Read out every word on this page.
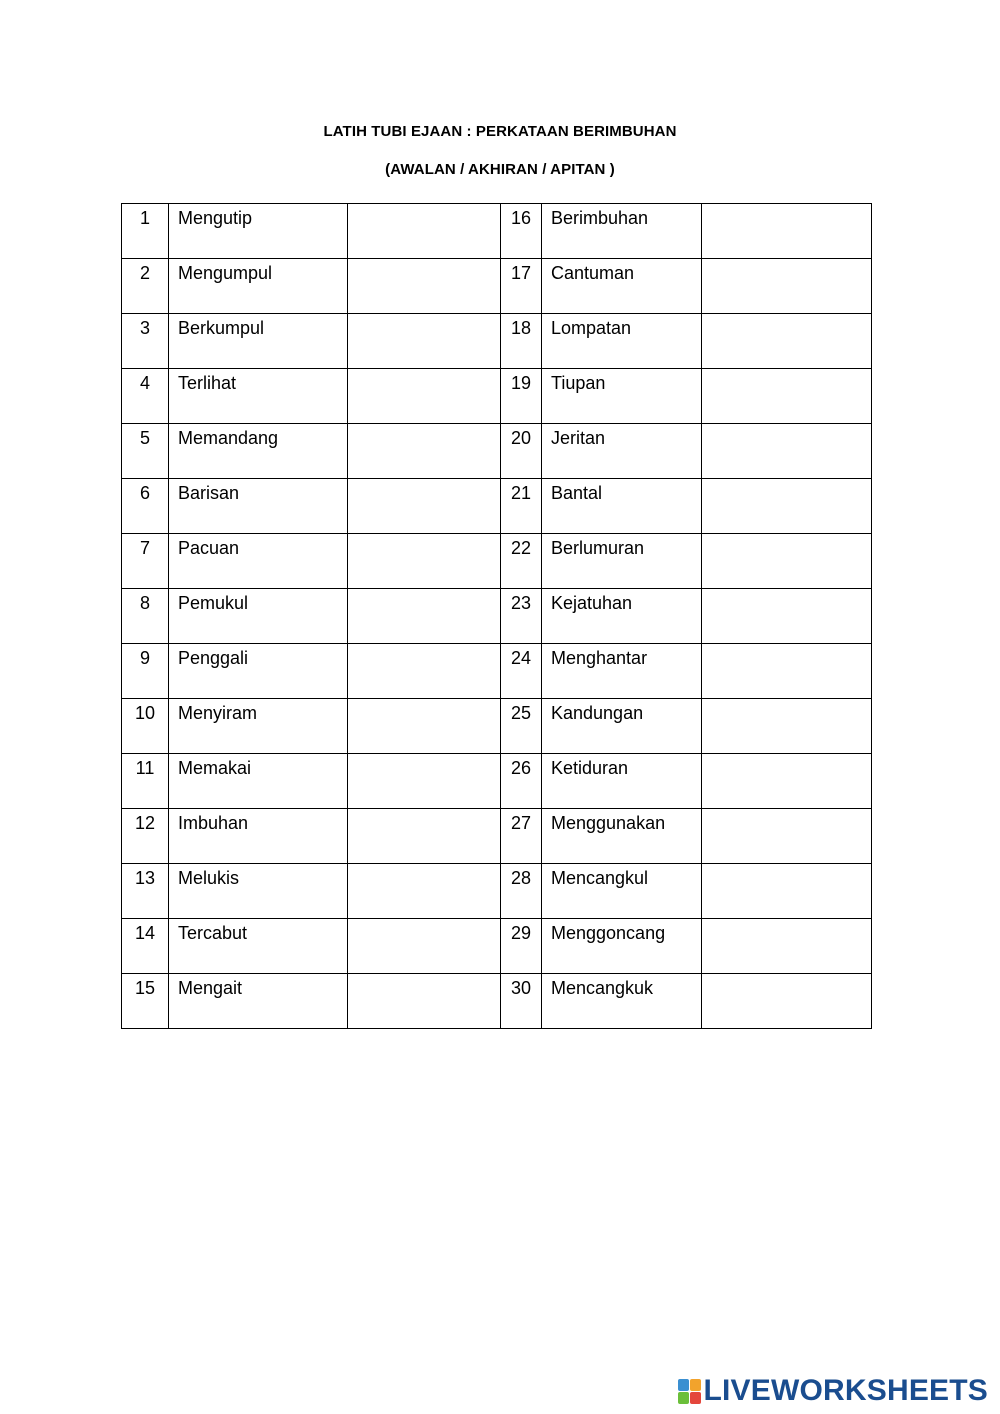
LATIH TUBI EJAAN : PERKATAAN BERIMBUHAN
(AWALAN / AKHIRAN / APITAN )
1	Mengutip		16	Berimbuhan	
2	Mengumpul		17	Cantuman	
3	Berkumpul		18	Lompatan	
4	Terlihat		19	Tiupan	
5	Memandang		20	Jeritan	
6	Barisan		21	Bantal	
7	Pacuan		22	Berlumuran	
8	Pemukul		23	Kejatuhan	
9	Penggali		24	Menghantar	
10	Menyiram		25	Kandungan	
11	Memakai		26	Ketiduran	
12	Imbuhan		27	Menggunakan	
13	Melukis		28	Mencangkul	
14	Tercabut		29	Menggoncang	
15	Mengait		30	Mencangkuk	
LIVEWORKSHEETS
